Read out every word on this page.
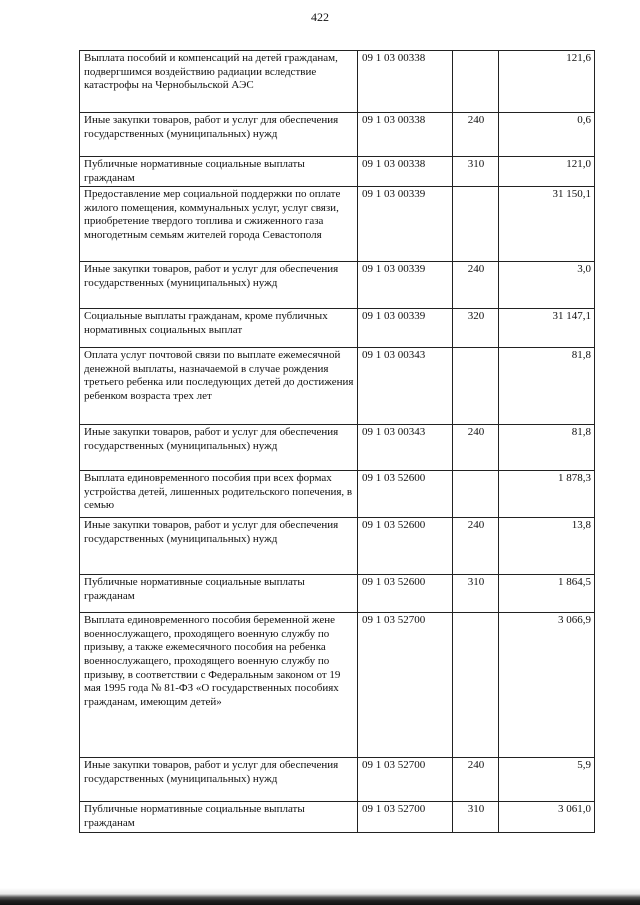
422
Выплата пособий и компенсаций на детей гражданам, подвергшимся воздействию радиации вследствие катастрофы на Чернобыльской АЭС	09 1 03 00338		121,6
Иные закупки товаров, работ и услуг для обеспечения государственных (муниципальных) нужд	09 1 03 00338	240	0,6
Публичные нормативные социальные выплаты гражданам	09 1 03 00338	310	121,0
Предоставление мер социальной поддержки по оплате жилого помещения, коммунальных услуг, услуг связи, приобретение твердого топлива и сжиженного газа многодетным семьям жителей города Севастополя	09 1 03 00339		31 150,1
Иные закупки товаров, работ и услуг для обеспечения государственных (муниципальных) нужд	09 1 03 00339	240	3,0
Социальные выплаты гражданам, кроме публичных нормативных социальных выплат	09 1 03 00339	320	31 147,1
Оплата услуг почтовой связи по выплате ежемесячной денежной выплаты, назначаемой в случае рождения третьего ребенка или последующих детей до достижения ребенком возраста трех лет	09 1 03 00343		81,8
Иные закупки товаров, работ и услуг для обеспечения государственных (муниципальных) нужд	09 1 03 00343	240	81,8
Выплата единовременного пособия при всех формах устройства детей, лишенных родительского попечения, в семью	09 1 03 52600		1 878,3
Иные закупки товаров, работ и услуг для обеспечения государственных (муниципальных) нужд	09 1 03 52600	240	13,8
Публичные нормативные социальные выплаты гражданам	09 1 03 52600	310	1 864,5
Выплата единовременного пособия беременной жене военнослужащего, проходящего военную службу по призыву, а также ежемесячного пособия на ребенка военнослужащего, проходящего военную службу по призыву, в соответствии с Федеральным законом от 19 мая 1995 года № 81-ФЗ «О государственных пособиях гражданам, имеющим детей»	09 1 03 52700		3 066,9
Иные закупки товаров, работ и услуг для обеспечения государственных (муниципальных) нужд	09 1 03 52700	240	5,9
Публичные нормативные социальные выплаты гражданам	09 1 03 52700	310	3 061,0
